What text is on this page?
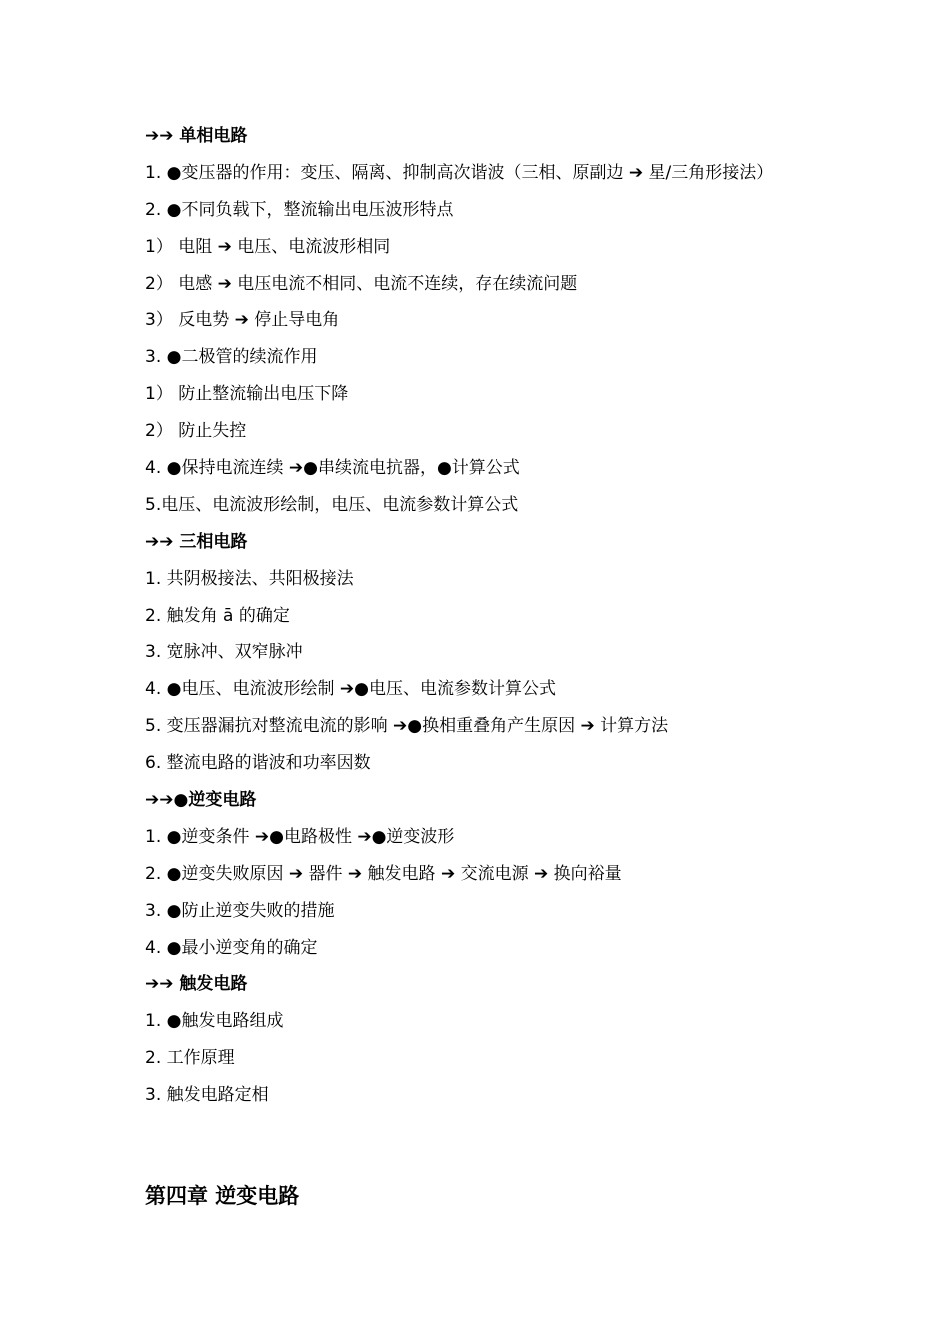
➔➔ 单相电路
1. ●变压器的作用：变压、隔离、抑制高次谐波（三相、原副边 ➔ 星/三角形接法）
2. ●不同负载下，整流输出电压波形特点
1） 电阻 ➔ 电压、电流波形相同
2） 电感 ➔ 电压电流不相同、电流不连续，存在续流问题
3） 反电势 ➔ 停止导电角
3. ●二极管的续流作用
1） 防止整流输出电压下降
2） 防止失控
4. ●保持电流连续 ➔●串续流电抗器，●计算公式
5.电压、电流波形绘制，电压、电流参数计算公式
➔➔ 三相电路
1. 共阴极接法、共阳极接法
2. 触发角 ā 的确定
3. 宽脉冲、双窄脉冲
4. ●电压、电流波形绘制 ➔●电压、电流参数计算公式
5. 变压器漏抗对整流电流的影响 ➔●换相重叠角产生原因 ➔ 计算方法
6. 整流电路的谐波和功率因数
➔➔●逆变电路
1. ●逆变条件 ➔●电路极性 ➔●逆变波形
2. ●逆变失败原因 ➔ 器件 ➔ 触发电路 ➔ 交流电源 ➔ 换向裕量
3. ●防止逆变失败的措施
4. ●最小逆变角的确定
➔➔ 触发电路
1. ●触发电路组成
2. 工作原理
3. 触发电路定相
第四章 逆变电路
